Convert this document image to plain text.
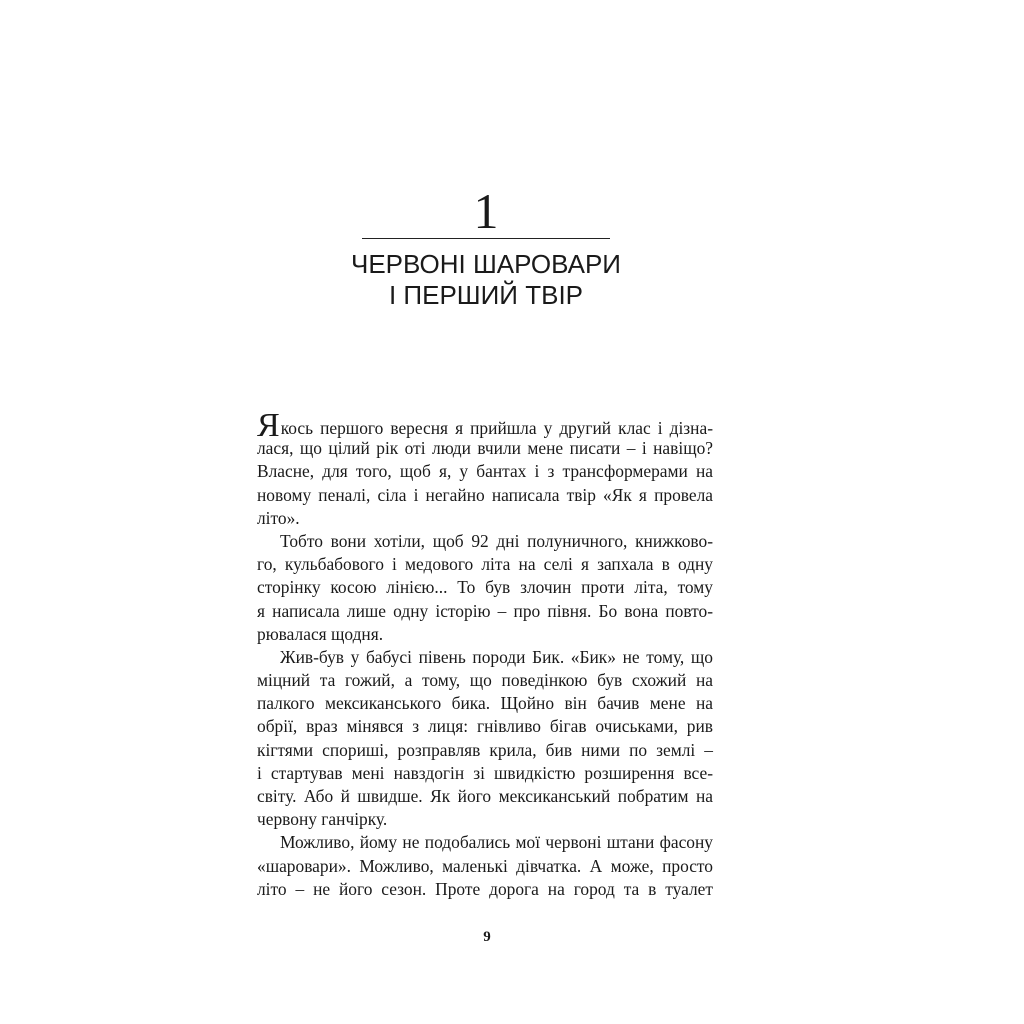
1
ЧЕРВОНІ ШАРОВАРИ
І ПЕРШИЙ ТВІР
Якось першого вересня я прийшла у другий клас і дізна-
лася, що цілий рік оті люди вчили мене писати – і навіщо?
Власне, для того, щоб я, у бантах і з трансформерами на
новому пеналі, сіла і негайно написала твір «Як я провела
літо».
Тобто вони хотіли, щоб 92 дні полуничного, книжково-
го, кульбабового і медового літа на селі я запхала в одну
сторінку косою лінією... То був злочин проти літа, тому
я написала лише одну історію – про півня. Бо вона повто-
рювалася щодня.
Жив-був у бабусі півень породи Бик. «Бик» не тому, що
міцний та гожий, а тому, що поведінкою був схожий на
палкого мексиканського бика. Щойно він бачив мене на
обрії, враз мінявся з лиця: гнівливо бігав очиськами, рив
кігтями спориші, розправляв крила, бив ними по землі –
і стартував мені навздогін зі швидкістю розширення все-
світу. Або й швидше. Як його мексиканський побратим на
червону ганчірку.
Можливо, йому не подобались мої червоні штани фасону
«шаровари». Можливо, маленькі дівчатка. А може, просто
літо – не його сезон. Проте дорога на город та в туалет
9
